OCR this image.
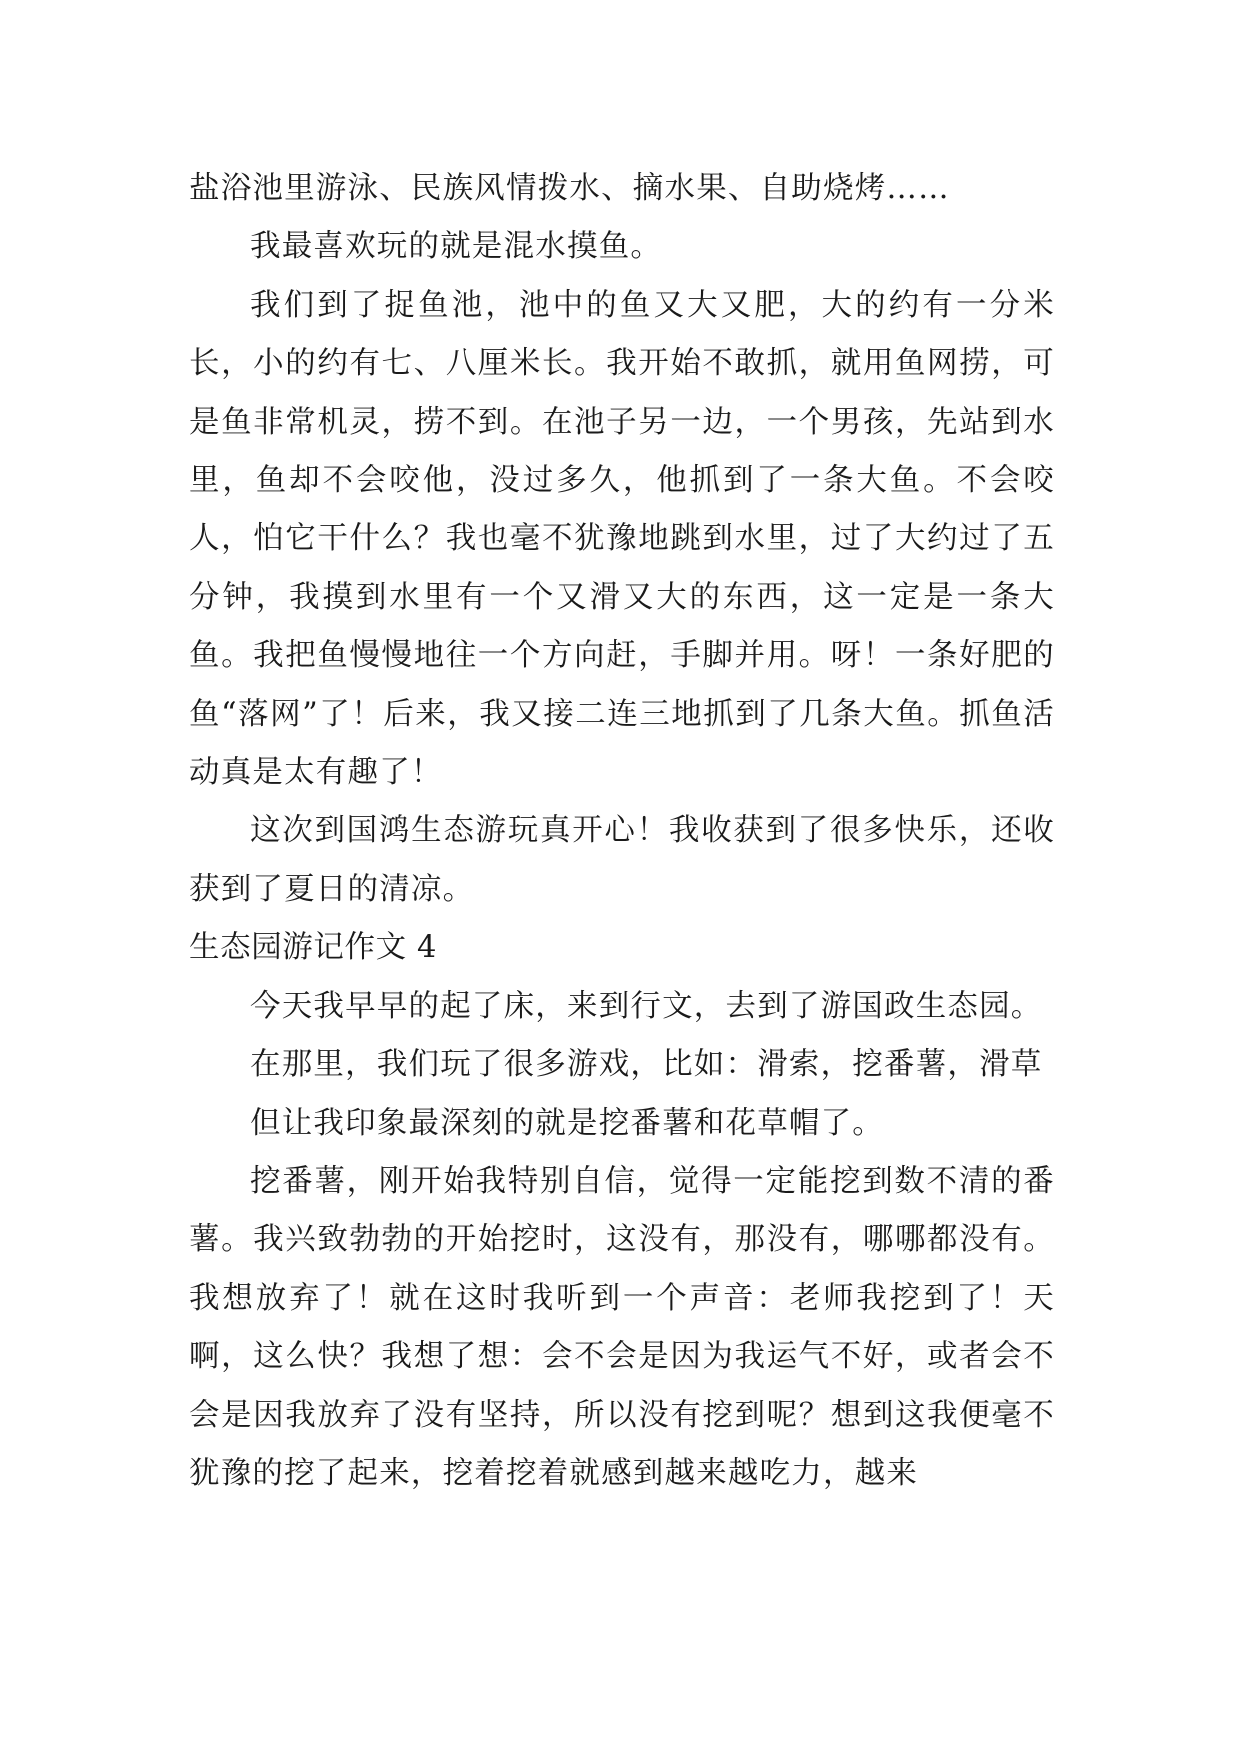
盐浴池里游泳、民族风情拨水、摘水果、自助烧烤……

我最喜欢玩的就是混水摸鱼。

我们到了捉鱼池，池中的鱼又大又肥，大的约有一分米长，小的约有七、八厘米长。我开始不敢抓，就用鱼网捞，可是鱼非常机灵，捞不到。在池子另一边，一个男孩，先站到水里，鱼却不会咬他，没过多久，他抓到了一条大鱼。不会咬人，怕它干什么？我也毫不犹豫地跳到水里，过了大约过了五分钟，我摸到水里有一个又滑又大的东西，这一定是一条大鱼。我把鱼慢慢地往一个方向赶，手脚并用。呀！一条好肥的鱼“落网”了！后来，我又接二连三地抓到了几条大鱼。抓鱼活动真是太有趣了！

这次到国鸿生态游玩真开心！我收获到了很多快乐，还收获到了夏日的清凉。

生态园游记作文 4

今天我早早的起了床，来到行文，去到了游国政生态园。

在那里，我们玩了很多游戏，比如：滑索，挖番薯，滑草

但让我印象最深刻的就是挖番薯和花草帽了。

挖番薯，刚开始我特别自信，觉得一定能挖到数不清的番薯。我兴致勃勃的开始挖时，这没有，那没有，哪哪都没有。我想放弃了！就在这时我听到一个声音：老师我挖到了！天啊，这么快？我想了想：会不会是因为我运气不好，或者会不会是因我放弃了没有坚持，所以没有挖到呢？想到这我便毫不犹豫的挖了起来，挖着挖着就感到越来越吃力，越来
